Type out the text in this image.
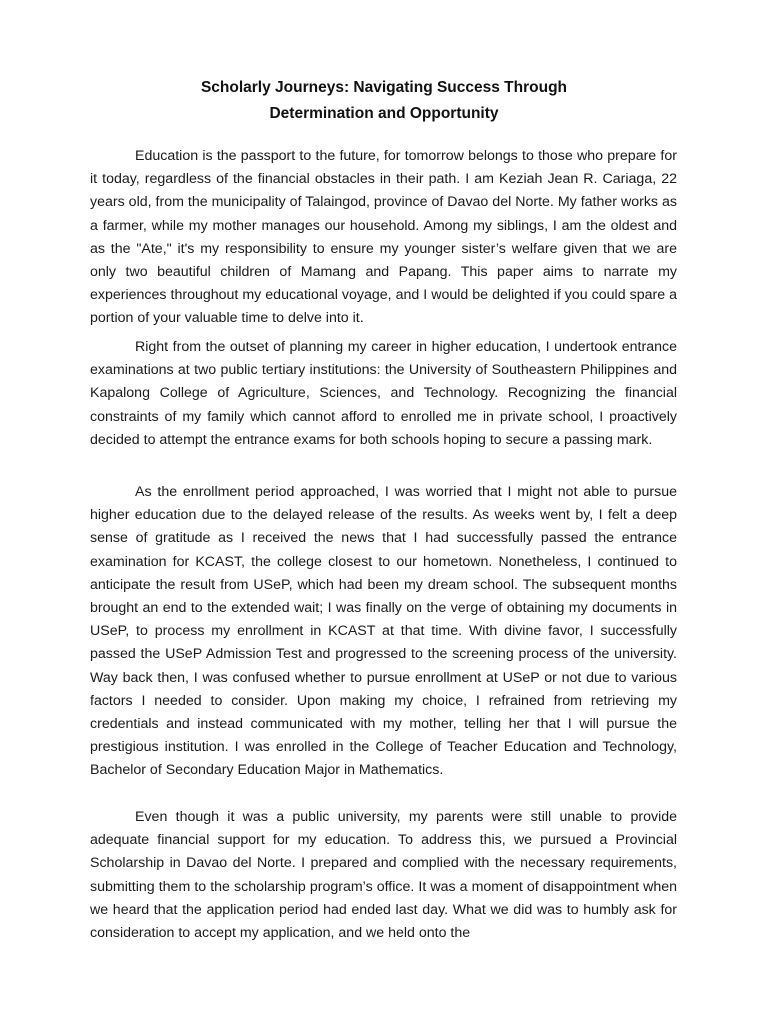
Scholarly Journeys: Navigating Success Through
Determination and Opportunity

Education is the passport to the future, for tomorrow belongs to those who prepare for it today, regardless of the financial obstacles in their path. I am Keziah Jean R. Cariaga, 22 years old, from the municipality of Talaingod, province of Davao del Norte. My father works as a farmer, while my mother manages our household. Among my siblings, I am the oldest and as the "Ate," it's my responsibility to ensure my younger sister’s welfare given that we are only two beautiful children of Mamang and Papang. This paper aims to narrate my experiences throughout my educational voyage, and I would be delighted if you could spare a portion of your valuable time to delve into it.

Right from the outset of planning my career in higher education, I undertook entrance examinations at two public tertiary institutions: the University of Southeastern Philippines and Kapalong College of Agriculture, Sciences, and Technology. Recognizing the financial constraints of my family which cannot afford to enrolled me in private school, I proactively decided to attempt the entrance exams for both schools hoping to secure a passing mark.

As the enrollment period approached, I was worried that I might not able to pursue higher education due to the delayed release of the results. As weeks went by, I felt a deep sense of gratitude as I received the news that I had successfully passed the entrance examination for KCAST, the college closest to our hometown. Nonetheless, I continued to anticipate the result from USeP, which had been my dream school. The subsequent months brought an end to the extended wait; I was finally on the verge of obtaining my documents in USeP, to process my enrollment in KCAST at that time. With divine favor, I successfully passed the USeP Admission Test and progressed to the screening process of the university. Way back then, I was confused whether to pursue enrollment at USeP or not due to various factors I needed to consider. Upon making my choice, I refrained from retrieving my credentials and instead communicated with my mother, telling her that I will pursue the prestigious institution. I was enrolled in the College of Teacher Education and Technology, Bachelor of Secondary Education Major in Mathematics.

Even though it was a public university, my parents were still unable to provide adequate financial support for my education. To address this, we pursued a Provincial Scholarship in Davao del Norte. I prepared and complied with the necessary requirements, submitting them to the scholarship program’s office. It was a moment of disappointment when we heard that the application period had ended last day. What we did was to humbly ask for consideration to accept my application, and we held onto the
